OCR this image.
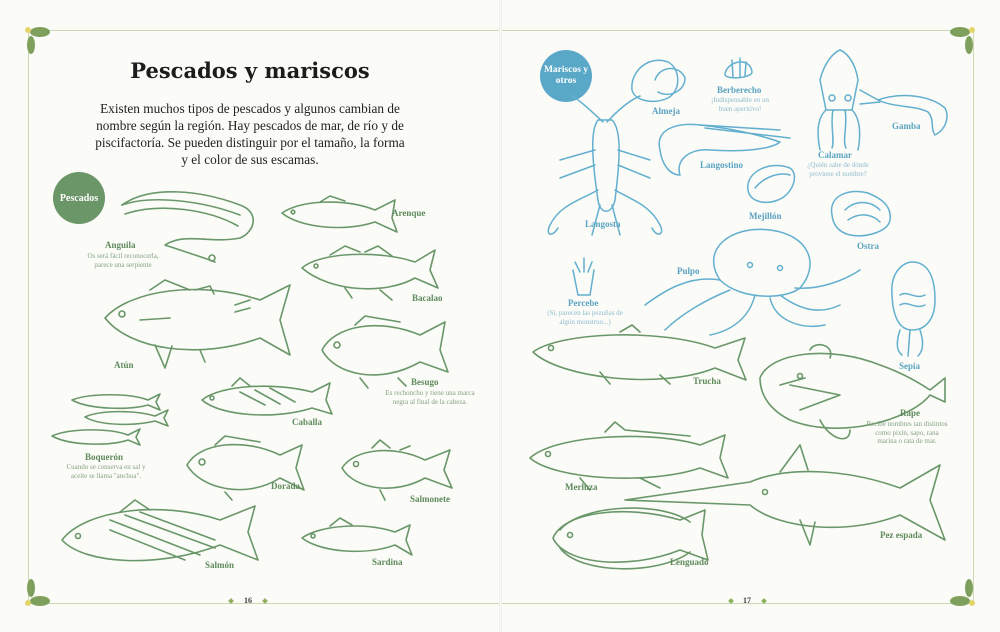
Pescados y mariscos
Existen muchos tipos de pescados y algunos cambian de nombre según la región. Hay pescados de mar, de río y de piscifactoría. Se pueden distinguir por el tamaño, la forma y el color de sus escamas.
Pescados
Mariscos y otros
Anguila
Os será fácil reconocerla, parece una serpiente
Arenque
Bacalao
Atún
Besugo
Es rechoncho y tiene una marca negra al final de la cabeza.
Caballa
Boquerón
Cuando se conserva en sal y aceite se llama "anchoa".
Dorada
Salmonete
Salmón	Sardina
Trucha
Rape
Recibe nombres tan distintos como pixín, sapo, rana marina o rata de mar.
Merluza
Pez espada
Lenguado
Almeja
Berberecho
¡Indispensable en un buen aperitivo!
Calamar
¿Quién sabe de dónde proviene el nombre?
Gamba
Langostino
Langosta
Mejillón
Ostra
Pulpo
Percebe
(Si, parecen las pezuñas de algún monstruo...)
Sepia
16	17
